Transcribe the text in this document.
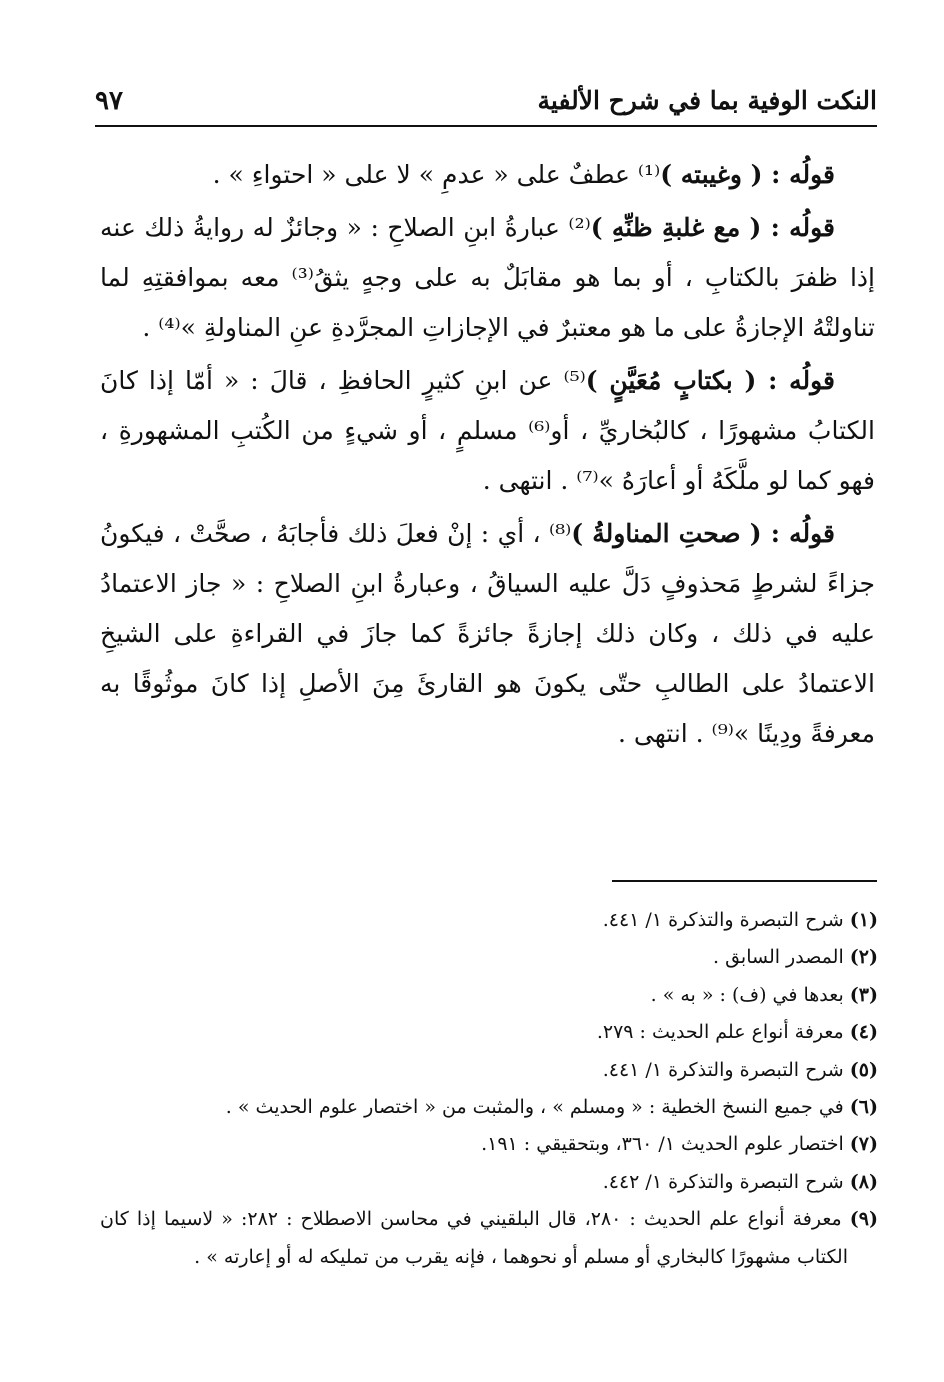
النكت الوفية بما في شرح الألفية
٩٧

قولُه : ( وغيبته )⁽¹⁾ عطفٌ على « عدمِ » لا على « احتواءِ » .

قولُه : ( مع غلبةِ ظنِّهِ )⁽²⁾ عبارةُ ابنِ الصلاحِ : « وجائزٌ له روايةُ ذلك عنه إذا ظفرَ بالكتابِ ، أو بما هو مقابَلٌ به على وجهٍ يثقُ⁽³⁾ معه بموافقتِهِ لما تناولتْهُ الإجازةُ على ما هو معتبرٌ في الإجازاتِ المجرَّدةِ عنِ المناولةِ »⁽⁴⁾ .

قولُه : ( بكتابٍ مُعَيَّنٍ )⁽⁵⁾ عن ابنِ كثيرٍ الحافظِ ، قالَ : « أمّا إذا كانَ الكتابُ مشهورًا ، كالبُخاريِّ ، أو⁽⁶⁾ مسلمٍ ، أو شيءٍ من الكُتبِ المشهورةِ ، فهو كما لو ملَّكَهُ أو أعارَهُ »⁽⁷⁾ . انتهى .

قولُه : ( صحتِ المناولةُ )⁽⁸⁾ ، أي : إنْ فعلَ ذلك فأجابَهُ ، صحَّتْ ، فيكونُ جزاءً لشرطٍ مَحذوفٍ دَلَّ عليه السياقُ ، وعبارةُ ابنِ الصلاحِ : « جاز الاعتمادُ عليه في ذلك ، وكان ذلك إجازةً جائزةً كما جازَ في القراءةِ على الشيخِ الاعتمادُ على الطالبِ حتّى يكونَ هو القارئَ مِنَ الأصلِ إذا كانَ موثُوقًا به معرفةً ودِينًا »⁽⁹⁾ . انتهى .

(١) شرح التبصرة والتذكرة ١/ ٤٤١.

(٢) المصدر السابق .

(٣) بعدها في (ف) : « به » .

(٤) معرفة أنواع علم الحديث : ٢٧٩.

(٥) شرح التبصرة والتذكرة ١/ ٤٤١.

(٦) في جميع النسخ الخطية : « ومسلم » ، والمثبت من « اختصار علوم الحديث » .

(٧) اختصار علوم الحديث ١/ ٣٦٠، وبتحقيقي : ١٩١.

(٨) شرح التبصرة والتذكرة ١/ ٤٤٢.

(٩) معرفة أنواع علم الحديث : ٢٨٠، قال البلقيني في محاسن الاصطلاح : ٢٨٢: « لاسيما إذا كان الكتاب مشهورًا كالبخاري أو مسلم أو نحوهما ، فإنه يقرب من تمليكه له أو إعارته » .
